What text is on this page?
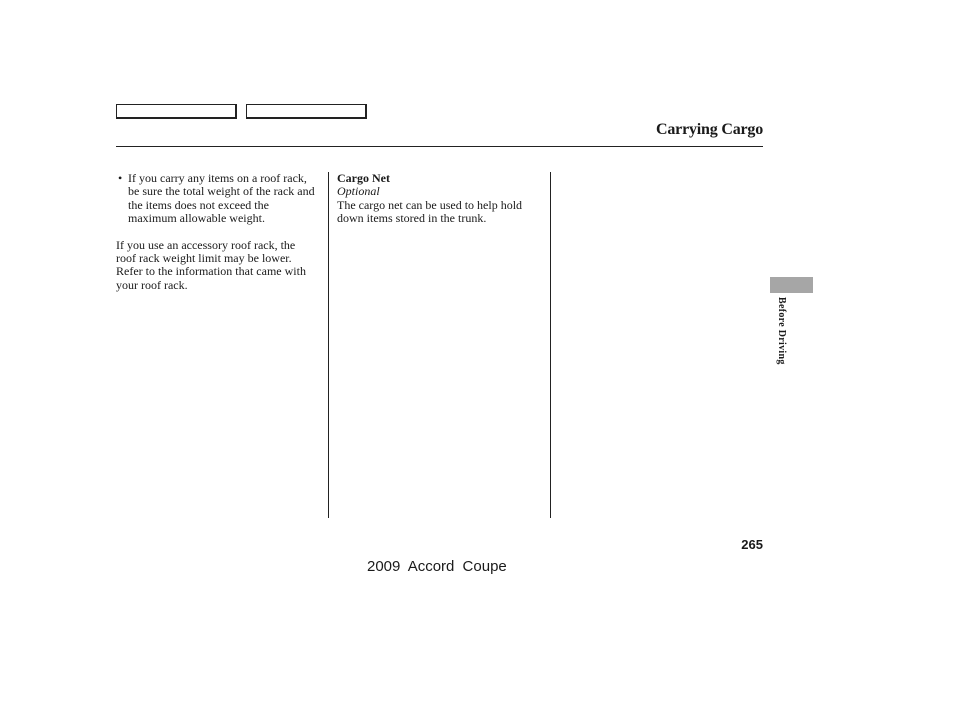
Carrying Cargo
• If you carry any items on a roof rack, be sure the total weight of the rack and the items does not exceed the maximum allowable weight.

If you use an accessory roof rack, the roof rack weight limit may be lower. Refer to the information that came with your roof rack.

Cargo Net

Optional

The cargo net can be used to help hold down items stored in the trunk.

Before Driving
265
2009 Accord Coupe
